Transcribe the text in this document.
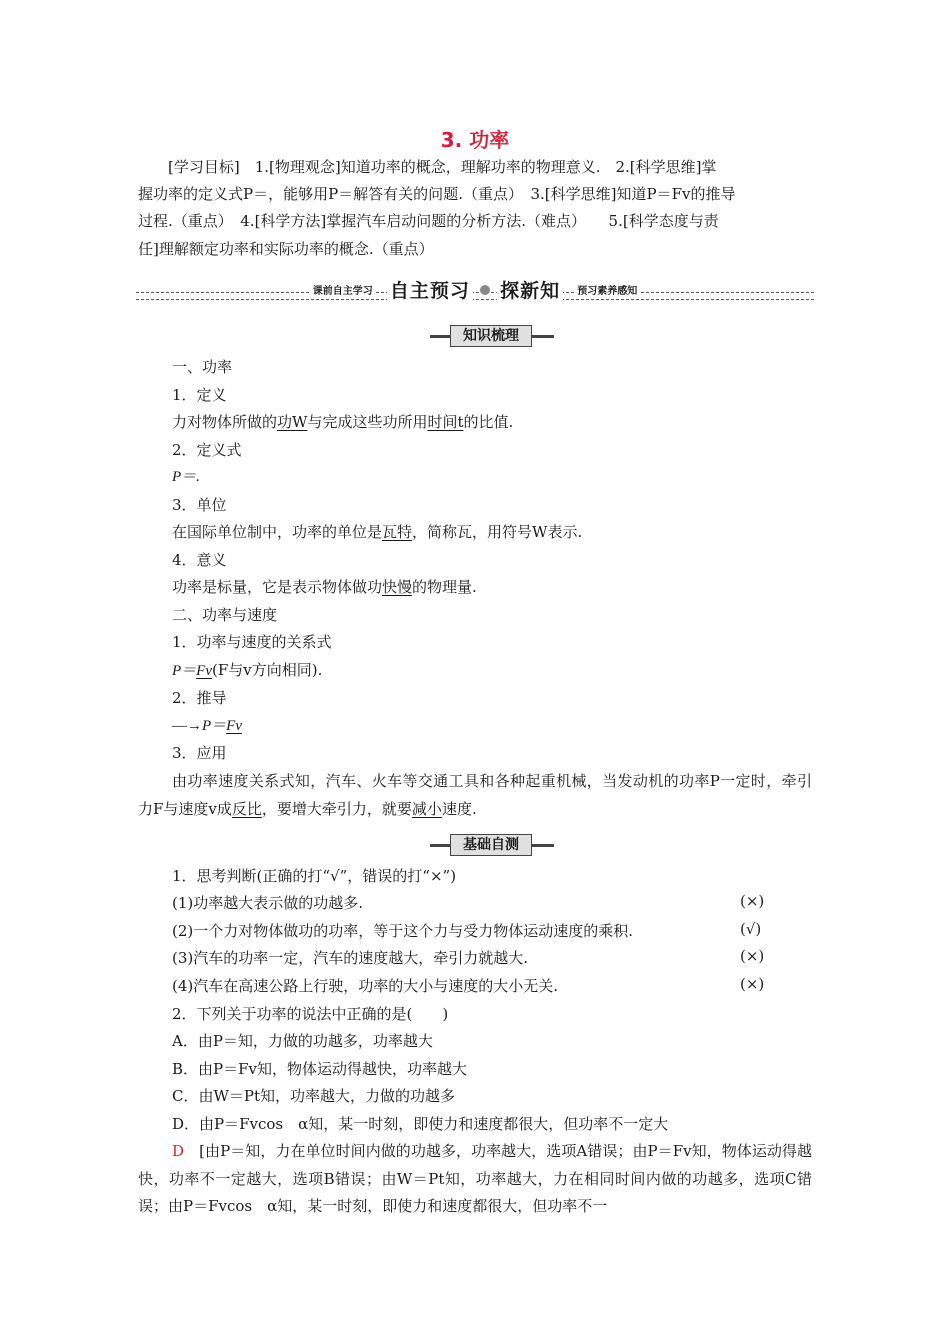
3. 功率
[学习目标]　1.[物理观念]知道功率的概念，理解功率的物理意义.　2.[科学思维]掌
握功率的定义式P＝，能够用P＝解答有关的问题.（重点）　3.[科学思维]知道P＝Fv的推导
过程.（重点）　4.[科学方法]掌握汽车启动问题的分析方法.（难点）　　5.[科学态度与责
任]理解额定功率和实际功率的概念.（重点）
课前自主学习 自主预习 探新知 预习素养感知
知识梳理
一、功率
1．定义
力对物体所做的功W与完成这些功所用时间t的比值.
2．定义式
P＝.
3．单位
在国际单位制中，功率的单位是瓦特，简称瓦，用符号W表示.
4．意义
功率是标量，它是表示物体做功快慢的物理量.
二、功率与速度
1．功率与速度的关系式
P＝Fv(F与v方向相同).
2．推导
―→P＝Fv
3．应用
由功率速度关系式知，汽车、火车等交通工具和各种起重机械，当发动机的功率P一定时，牵引力F与速度v成反比，要增大牵引力，就要减小速度.
基础自测
1．思考判断(正确的打“√”，错误的打“×”)
(1)功率越大表示做的功越多.	(×)
(2)一个力对物体做功的功率，等于这个力与受力物体运动速度的乘积.	(√)
(3)汽车的功率一定，汽车的速度越大，牵引力就越大.	(×)
(4)汽车在高速公路上行驶，功率的大小与速度的大小无关.	(×)
2．下列关于功率的说法中正确的是(　　)
A．由P＝知，力做的功越多，功率越大
B．由P＝Fv知，物体运动得越快，功率越大
C．由W＝Pt知，功率越大，力做的功越多
D．由P＝Fvcos　α知，某一时刻，即使力和速度都很大，但功率不一定大
D　 [由P＝知，力在单位时间内做的功越多，功率越大，选项A错误；由P＝Fv知，物体运动得越快，功率不一定越大，选项B错误；由W＝Pt知，功率越大，力在相同时间内做的功越多，选项C错误；由P＝Fvcos　α知，某一时刻，即使力和速度都很大，但功率不一
